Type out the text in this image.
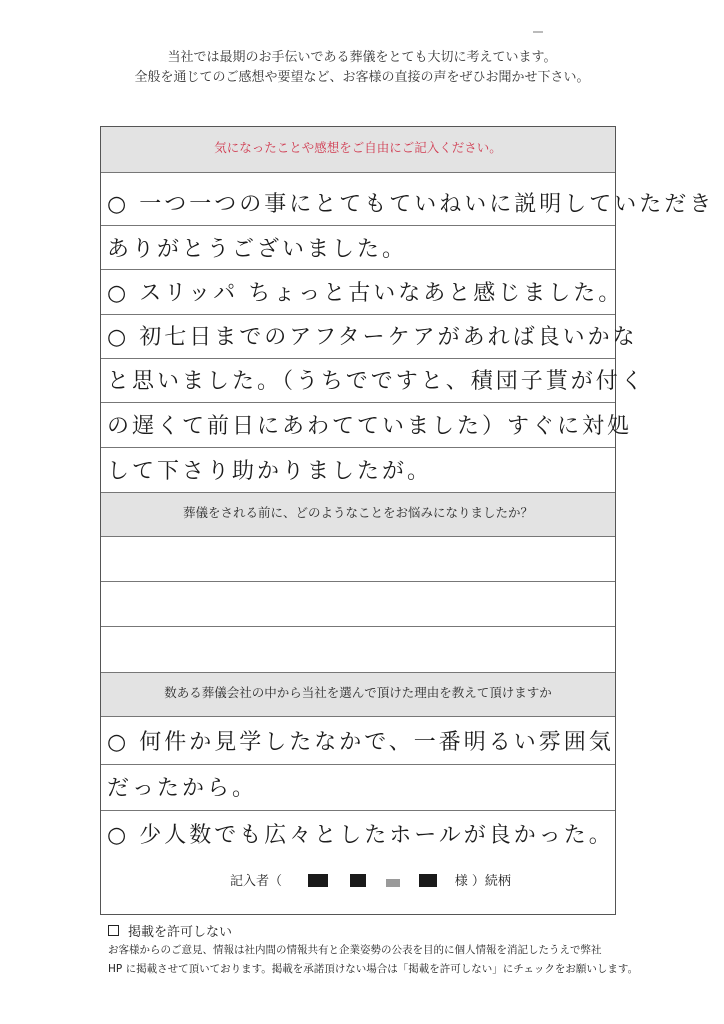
当社では最期のお手伝いである葬儀をとても大切に考えています。
全般を通じてのご感想や要望など、お客様の直接の声をぜひお聞かせ下さい。
気になったことや感想をご自由にご記入ください。
○ 一つ一つの事にとてもていねいに説明していただき
ありがとうございました。
○ スリッパ ちょっと古いなあと感じました。
○ 初七日までのアフターケアがあれば良いかな
と思いました。（うちでですと、積団子貰が付く
の遅くて前日にあわてていました）すぐに対処
して下さり助かりましたが。
葬儀をされる前に、どのようなことをお悩みになりましたか？
数ある葬儀会社の中から当社を選んで頂けた理由を教えて頂けますか
○ 何件か見学したなかで、一番明るい雰囲気
だったから。
○ 少人数でも広々としたホールが良かった。
記入者（	様 ）続柄
掲載を許可しない
お客様からのご意見、情報は社内間の情報共有と企業姿勢の公表を目的に個人情報を消記したうえで弊社
HP に掲載させて頂いております。掲載を承諾頂けない場合は「掲載を許可しない」にチェックをお願いします。
